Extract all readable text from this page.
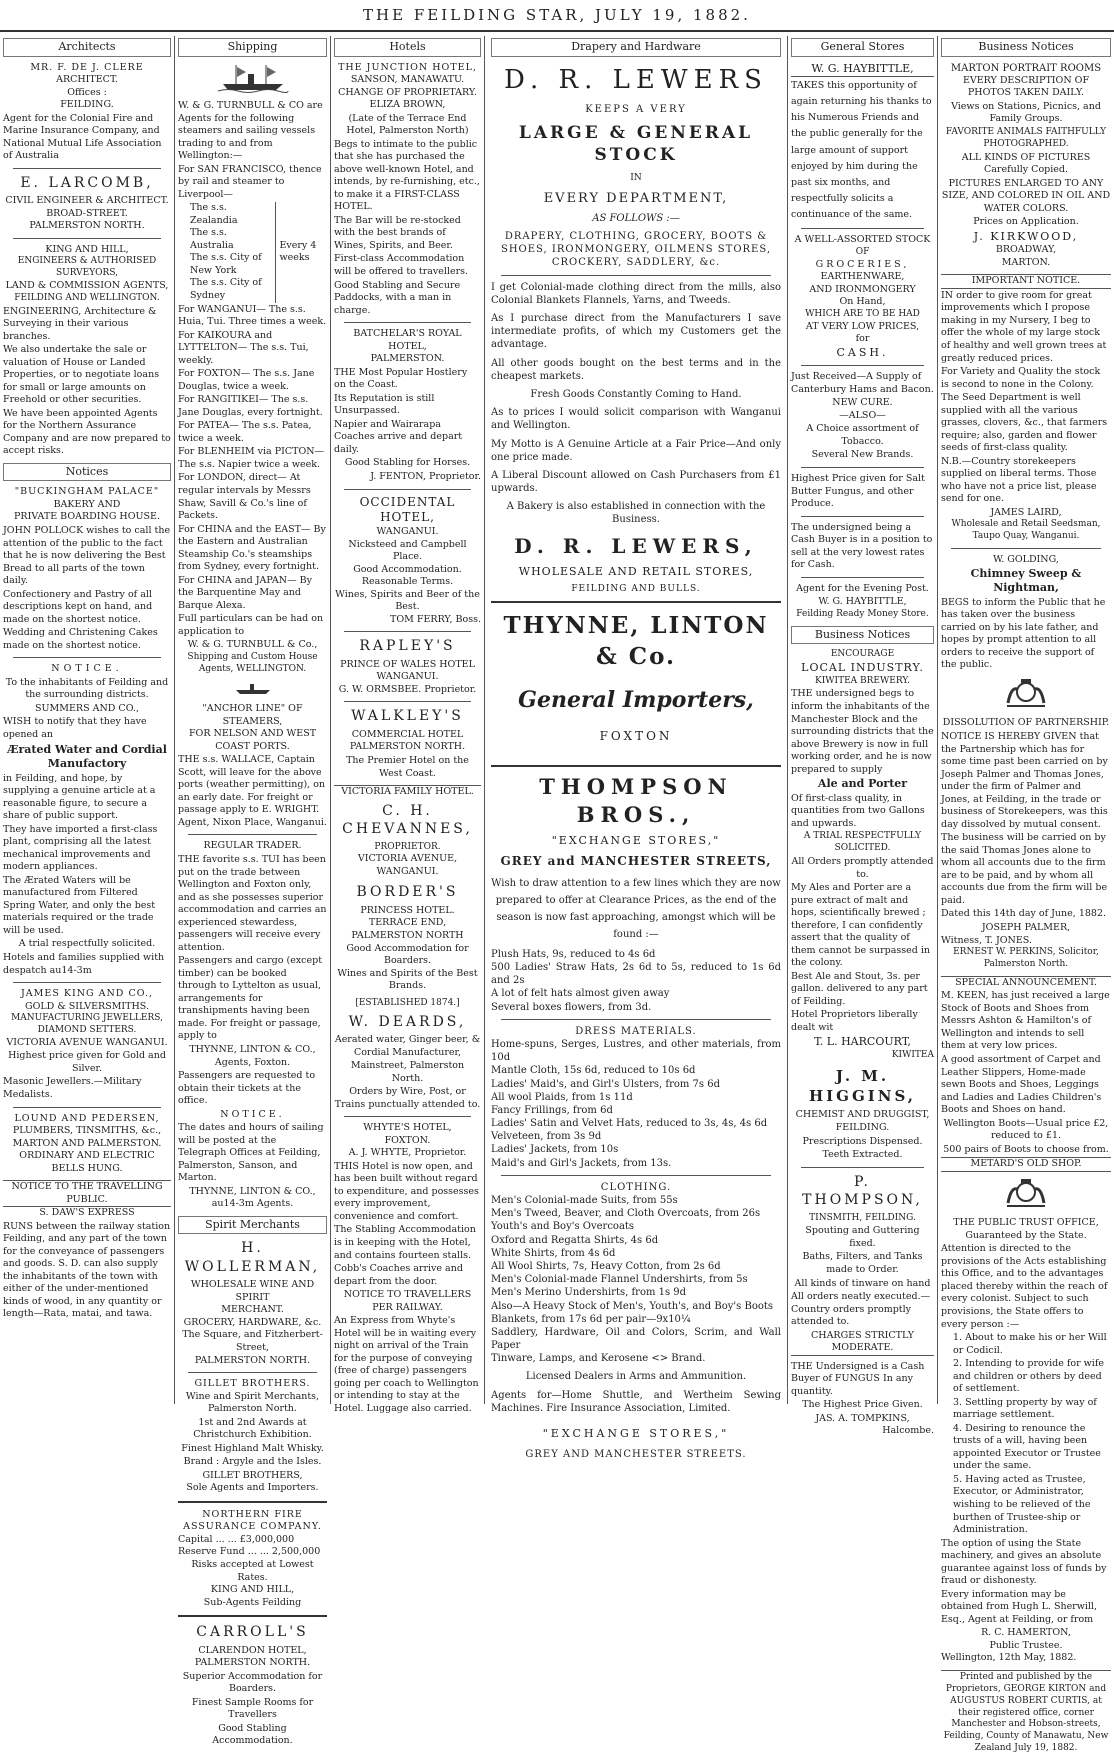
THE FEILDING STAR, JULY 19, 1882.
Architects
MR. F. DE J. CLERE
ARCHITECT.
Offices :
FEILDING.

Agent for the Colonial Fire and Marine Insurance Company, and National Mutual Life Association of Australia

E. LARCOMB,
CIVIL ENGINEER & ARCHITECT.
BROAD-STREET.
PALMERSTON NORTH.
KING AND HILL,
ENGINEERS & AUTHORISED SURVEYORS,
LAND & COMMISSION AGENTS,
FEILDING AND WELLINGTON.

ENGINEERING, Architecture & Surveying in their various branches.

We also undertake the sale or valuation of House or Landed Properties, or to negotiate loans for small or large amounts on Freehold or other securities.

We have been appointed Agents for the Northern Assurance Company and are now prepared to accept risks.

Notices
"BUCKINGHAM PALACE"
BAKERY AND
PRIVATE BOARDING HOUSE.

JOHN POLLOCK wishes to call the attention of the public to the fact that he is now delivering the Best Bread to all parts of the town daily.

Confectionery and Pastry of all descriptions kept on hand, and made on the shortest notice.

Wedding and Christening Cakes made on the shortest notice.

NOTICE.

To the inhabitants of Feilding and the surrounding districts.

SUMMERS AND CO.,

WISH to notify that they have opened an

Ærated Water and Cordial Manufactory

in Feilding, and hope, by supplying a genuine article at a reasonable figure, to secure a share of public support.

They have imported a first-class plant, comprising all the latest mechanical improvements and modern appliances.

The Ærated Waters will be manufactured from Filtered Spring Water, and only the best materials required or the trade will be used.

A trial respectfully solicited.

Hotels and families supplied with despatch au14-3m

JAMES KING AND CO.,
GOLD & SILVERSMITHS.
MANUFACTURING JEWELLERS, DIAMOND SETTERS.
VICTORIA AVENUE WANGANUI.

Highest price given for Gold and Silver.

Masonic Jewellers.—Military Medalists.

LOUND AND PEDERSEN,
PLUMBERS, TINSMITHS, &c.,
MARTON AND PALMERSTON.
ORDINARY AND ELECTRIC
BELLS HUNG.
NOTICE TO THE TRAVELLING PUBLIC.
S. DAW'S EXPRESS

RUNS between the railway station Feilding, and any part of the town for the conveyance of passengers and goods. S. D. can also supply the inhabitants of the town with either of the under-mentioned kinds of wood, in any quantity or length—Rata, matai, and tawa.

Shipping

W. & G. TURNBULL & CO are Agents for the following steamers and sailing vessels trading to and from Wellington:—

For SAN FRANCISCO, thence by rail and steamer to Liverpool—

The s.s. Zealandia
The s.s. Australia
The s.s. City of New York
The s.s. City of Sydney
Every 4 weeks

For WANGANUI— The s.s. Huia, Tui. Three times a week.

For KAIKOURA and LYTTELTON— The s.s. Tui, weekly.

For FOXTON— The s.s. Jane Douglas, twice a week.

For RANGITIKEI— The s.s. Jane Douglas, every fortnight.

For PATEA— The s.s. Patea, twice a week.

For BLENHEIM via PICTON— The s.s. Napier twice a week.

For LONDON, direct— At regular intervals by Messrs Shaw, Savill & Co.'s line of Packets.

For CHINA and the EAST— By the Eastern and Australian Steamship Co.'s steamships from Sydney, every fortnight.

For CHINA and JAPAN— By the Barquentine May and Barque Alexa.

Full particulars can be had on application to

W. & G. TURNBULL & Co.,
Shipping and Custom House Agents, WELLINGTON.
"ANCHOR LINE" OF STEAMERS,
FOR NELSON AND WEST COAST PORTS.

THE s.s. WALLACE, Captain Scott, will leave for the above ports (weather permitting), on an early date. For freight or passage apply to E. WRIGHT. Agent, Nixon Place, Wanganui.

REGULAR TRADER.

THE favorite s.s. TUI has been put on the trade between Wellington and Foxton only, and as she possesses superior accommodation and carries an experienced stewardess, passengers will receive every attention.

Passengers and cargo (except timber) can be booked through to Lyttelton as usual, arrangements for transhipments having been made. For freight or passage, apply to

THYNNE, LINTON & CO., Agents, Foxton.

Passengers are requested to obtain their tickets at the office.

NOTICE.

The dates and hours of sailing will be posted at the Telegraph Offices at Feilding, Palmerston, Sanson, and Marton.

THYNNE, LINTON & CO., au14-3m Agents.
Spirit Merchants
H. WOLLERMAN,
WHOLESALE WINE AND SPIRIT
MERCHANT.
GROCERY, HARDWARE, &c.
The Square, and Fitzherbert-Street,
PALMERSTON NORTH.
GILLET BROTHERS.
Wine and Spirit Merchants,
Palmerston North.

1st and 2nd Awards at Christchurch Exhibition.

Finest Highland Malt Whisky.

Brand : Argyle and the Isles.

GILLET BROTHERS,
Sole Agents and Importers.
NORTHERN FIRE ASSURANCE COMPANY.
Capital ... ... £3,000,000
Reserve Fund ... ... 2,500,000
Risks accepted at Lowest Rates.
KING AND HILL,
Sub-Agents Feilding
CARROLL'S
CLARENDON HOTEL,
PALMERSTON NORTH.

Superior Accommodation for Boarders.

Finest Sample Rooms for Travellers

Good Stabling Accommodation.

Hotels
THE JUNCTION HOTEL,
SANSON, MANAWATU.
CHANGE OF PROPRIETARY.
ELIZA BROWN,

(Late of the Terrace End Hotel, Palmerston North)

Begs to intimate to the public that she has purchased the above well-known Hotel, and intends, by re-furnishing, etc., to make it a FIRST-CLASS HOTEL.

The Bar will be re-stocked with the best brands of Wines, Spirits, and Beer.

First-class Accommodation will be offered to travellers.

Good Stabling and Secure Paddocks, with a man in charge.

BATCHELAR'S ROYAL HOTEL,
PALMERSTON.

THE Most Popular Hostlery on the Coast.

Its Reputation is still Unsurpassed.

Napier and Wairarapa Coaches arrive and depart daily.

Good Stabling for Horses.

J. FENTON, Proprietor.
OCCIDENTAL HOTEL,
WANGANUI.
Nicksteed and Campbell Place.
Good Accommodation.
Reasonable Terms.
Wines, Spirits and Beer of the Best.
TOM FERRY, Boss.
RAPLEY'S
PRINCE OF WALES HOTEL
WANGANUI.
G. W. ORMSBEE. Proprietor.
WALKLEY'S
COMMERCIAL HOTEL
PALMERSTON NORTH.

The Premier Hotel on the West Coast.

VICTORIA FAMILY HOTEL.
C. H. CHEVANNES,
PROPRIETOR.
VICTORIA AVENUE, WANGANUI.
BORDER'S
PRINCESS HOTEL.
TERRACE END,
PALMERSTON NORTH
Good Accommodation for Boarders.
Wines and Spirits of the Best Brands.
[ESTABLISHED 1874.]
W. DEARDS,

Aerated water, Ginger beer, & Cordial Manufacturer,

Mainstreet, Palmerston North.

Orders by Wire, Post, or Trains punctually attended to.

WHYTE'S HOTEL,
FOXTON.
A. J. WHYTE, Proprietor.

THIS Hotel is now open, and has been built without regard to expenditure, and possesses every improvement, convenience and comfort.

The Stabling Accommodation is in keeping with the Hotel, and contains fourteen stalls.

Cobb's Coaches arrive and depart from the door.

NOTICE TO TRAVELLERS PER RAILWAY.

An Express from Whyte's Hotel will be in waiting every night on arrival of the Train for the purpose of conveying (free of charge) passengers going per coach to Wellington or intending to stay at the Hotel. Luggage also carried.

Drapery and Hardware
D. R. LEWERS
KEEPS A VERY
LARGE & GENERAL STOCK
IN
EVERY DEPARTMENT,
AS FOLLOWS :—

DRAPERY, CLOTHING, GROCERY, BOOTS & SHOES, IRONMONGERY, OILMENS STORES, CROCKERY, SADDLERY, &c.

I get Colonial-made clothing direct from the mills, also Colonial Blankets Flannels, Yarns, and Tweeds.

As I purchase direct from the Manufacturers I save intermediate profits, of which my Customers get the advantage.

All other goods bought on the best terms and in the cheapest markets.

Fresh Goods Constantly Coming to Hand.

As to prices I would solicit comparison with Wanganui and Wellington.

My Motto is A Genuine Article at a Fair Price—And only one price made.

A Liberal Discount allowed on Cash Purchasers from £1 upwards.

A Bakery is also established in connection with the Business.

D. R. LEWERS,
WHOLESALE AND RETAIL STORES,
FEILDING AND BULLS.
THYNNE, LINTON & Co.
General Importers,
FOXTON
THOMPSON BROS.,
"EXCHANGE STORES,"
GREY and MANCHESTER STREETS,

Wish to draw attention to a few lines which they are now prepared to offer at Clearance Prices, as the end of the season is now fast approaching, amongst which will be found :—

Plush Hats, 9s, reduced to 4s 6d

500 Ladies' Straw Hats, 2s 6d to 5s, reduced to 1s 6d and 2s

A lot of felt hats almost given away

Several boxes flowers, from 3d.

DRESS MATERIALS.

Home-spuns, Serges, Lustres, and other materials, from 10d

Mantle Cloth, 15s 6d, reduced to 10s 6d

Ladies' Maid's, and Girl's Ulsters, from 7s 6d

All wool Plaids, from 1s 11d

Fancy Frillings, from 6d

Ladies' Satin and Velvet Hats, reduced to 3s, 4s, 4s 6d

Velveteen, from 3s 9d

Ladies' Jackets, from 10s

Maid's and Girl's Jackets, from 13s.

CLOTHING.

Men's Colonial-made Suits, from 55s

Men's Tweed, Beaver, and Cloth Overcoats, from 26s

Youth's and Boy's Overcoats

Oxford and Regatta Shirts, 4s 6d

White Shirts, from 4s 6d

All Wool Shirts, 7s, Heavy Cotton, from 2s 6d

Men's Colonial-made Flannel Undershirts, from 5s

Men's Merino Undershirts, from 1s 9d

Also—A Heavy Stock of Men's, Youth's, and Boy's Boots

Blankets, from 17s 6d per pair—9x10¼

Saddlery, Hardware, Oil and Colors, Scrim, and Wall Paper

Tinware, Lamps, and Kerosene <> Brand.

Licensed Dealers in Arms and Ammunition.

Agents for—Home Shuttle, and Wertheim Sewing Machines. Fire Insurance Association, Limited.

"EXCHANGE STORES,"
GREY AND MANCHESTER STREETS.
General Stores
W. G. HAYBITTLE,

TAKES this opportunity of again returning his thanks to his Numerous Friends and the public generally for the large amount of support enjoyed by him during the past six months, and respectfully solicits a continuance of the same.

A WELL-ASSORTED STOCK
OF
GROCERIES,
EARTHENWARE,
AND IRONMONGERY
On Hand,
WHICH ARE TO BE HAD
AT VERY LOW PRICES,
for
CASH.

Just Received—A Supply of Canterbury Hams and Bacon.

NEW CURE.
—ALSO—

A Choice assortment of Tobacco.

Several New Brands.

Highest Price given for Salt Butter Fungus, and other Produce.

The undersigned being a Cash Buyer is in a position to sell at the very lowest rates for Cash.

Agent for the Evening Post.

W. G. HAYBITTLE,
Feilding Ready Money Store.
Business Notices
ENCOURAGE
LOCAL INDUSTRY.
KIWITEA BREWERY.

THE undersigned begs to inform the inhabitants of the Manchester Block and the surrounding districts that the above Brewery is now in full working order, and he is now prepared to supply

Ale and Porter

Of first-class quality, in quantities from two Gallons and upwards.

A TRIAL RESPECTFULLY SOLICITED.

All Orders promptly attended to.

My Ales and Porter are a pure extract of malt and hops, scientifically brewed ; therefore, I can confidently assert that the quality of them cannot be surpassed in the colony.

Best Ale and Stout, 3s. per gallon. delivered to any part of Feilding.

Hotel Proprietors liberally dealt wit

T. L. HARCOURT,
KIWITEA
J. M. HIGGINS,
CHEMIST AND DRUGGIST,
FEILDING.

Prescriptions Dispensed.

Teeth Extracted.

P. THOMPSON,
TINSMITH, FEILDING.

Spouting and Guttering fixed.

Baths, Filters, and Tanks made to Order.

All kinds of tinware on hand

All orders neatly executed.—Country orders promptly attended to.

CHARGES STRICTLY MODERATE.

THE Undersigned is a Cash Buyer of FUNGUS In any quantity.

The Highest Price Given.

JAS. A. TOMPKINS,
Halcombe.
Business Notices
MARTON PORTRAIT ROOMS
EVERY DESCRIPTION OF PHOTOS TAKEN DAILY.

Views on Stations, Picnics, and Family Groups.

FAVORITE ANIMALS FAITHFULLY PHOTOGRAPHED.

ALL KINDS OF PICTURES Carefully Copied.

PICTURES ENLARGED TO ANY SIZE, AND COLORED IN OIL AND WATER COLORS.

Prices on Application.

J. KIRKWOOD,
BROADWAY,
MARTON.
IMPORTANT NOTICE.

IN order to give room for great improvements which I propose making in my Nursery, I beg to offer the whole of my large stock of healthy and well grown trees at greatly reduced prices.

For Variety and Quality the stock is second to none in the Colony.

The Seed Department is well supplied with all the various grasses, clovers, &c., that farmers require; also, garden and flower seeds of first-class quality.

N.B.—Country storekeepers supplied on liberal terms. Those who have not a price list, please send for one.

JAMES LAIRD,
Wholesale and Retail Seedsman, Taupo Quay, Wanganui.
W. GOLDING,
Chimney Sweep & Nightman,

BEGS to inform the Public that he has taken over the business carried on by his late father, and hopes by prompt attention to all orders to receive the support of the public.

DISSOLUTION OF PARTNERSHIP.

NOTICE IS HEREBY GIVEN that the Partnership which has for some time past been carried on by Joseph Palmer and Thomas Jones, under the firm of Palmer and Jones, at Feilding, in the trade or business of Storekeepers, was this day dissolved by mutual consent.

The business will be carried on by the said Thomas Jones alone to whom all accounts due to the firm are to be paid, and by whom all accounts due from the firm will be paid.

Dated this 14th day of June, 1882.

JOSEPH PALMER,
Witness, T. JONES.
ERNEST W. PERKINS, Solicitor, Palmerston North.
SPECIAL ANNOUNCEMENT.

M. KEEN, has just received a large Stock of Boots and Shoes from Messrs Ashton & Hamilton's of Wellington and intends to sell them at very low prices.

A good assortment of Carpet and Leather Slippers, Home-made sewn Boots and Shoes, Leggings and Ladies and Ladies Children's Boots and Shoes on hand.

Wellington Boots—Usual price £2, reduced to £1.

500 pairs of Boots to choose from.

METARD'S OLD SHOP.
THE PUBLIC TRUST OFFICE,
Guaranteed by the State.

Attention is directed to the provisions of the Acts establishing this Office, and to the advantages placed thereby within the reach of every colonist. Subject to such provisions, the State offers to every person :—

1. About to make his or her Will or Codicil.

2. Intending to provide for wife and children or others by deed of settlement.

3. Settling property by way of marriage settlement.

4. Desiring to renounce the trusts of a will, having been appointed Executor or Trustee under the same.

5. Having acted as Trustee, Executor, or Administrator, wishing to be relieved of the burthen of Trustee-ship or Administration.

The option of using the State machinery, and gives an absolute guarantee against loss of funds by fraud or dishonesty.

Every information may be obtained from Hugh L. Sherwill, Esq., Agent at Feilding, or from

R. C. HAMERTON,
Public Trustee.
Wellington, 12th May, 1882.

Printed and published by the Proprietors, GEORGE KIRTON and AUGUSTUS ROBERT CURTIS, at their registered office, corner Manchester and Hobson-streets, Feilding, County of Manawatu, New Zealand July 19, 1882.
